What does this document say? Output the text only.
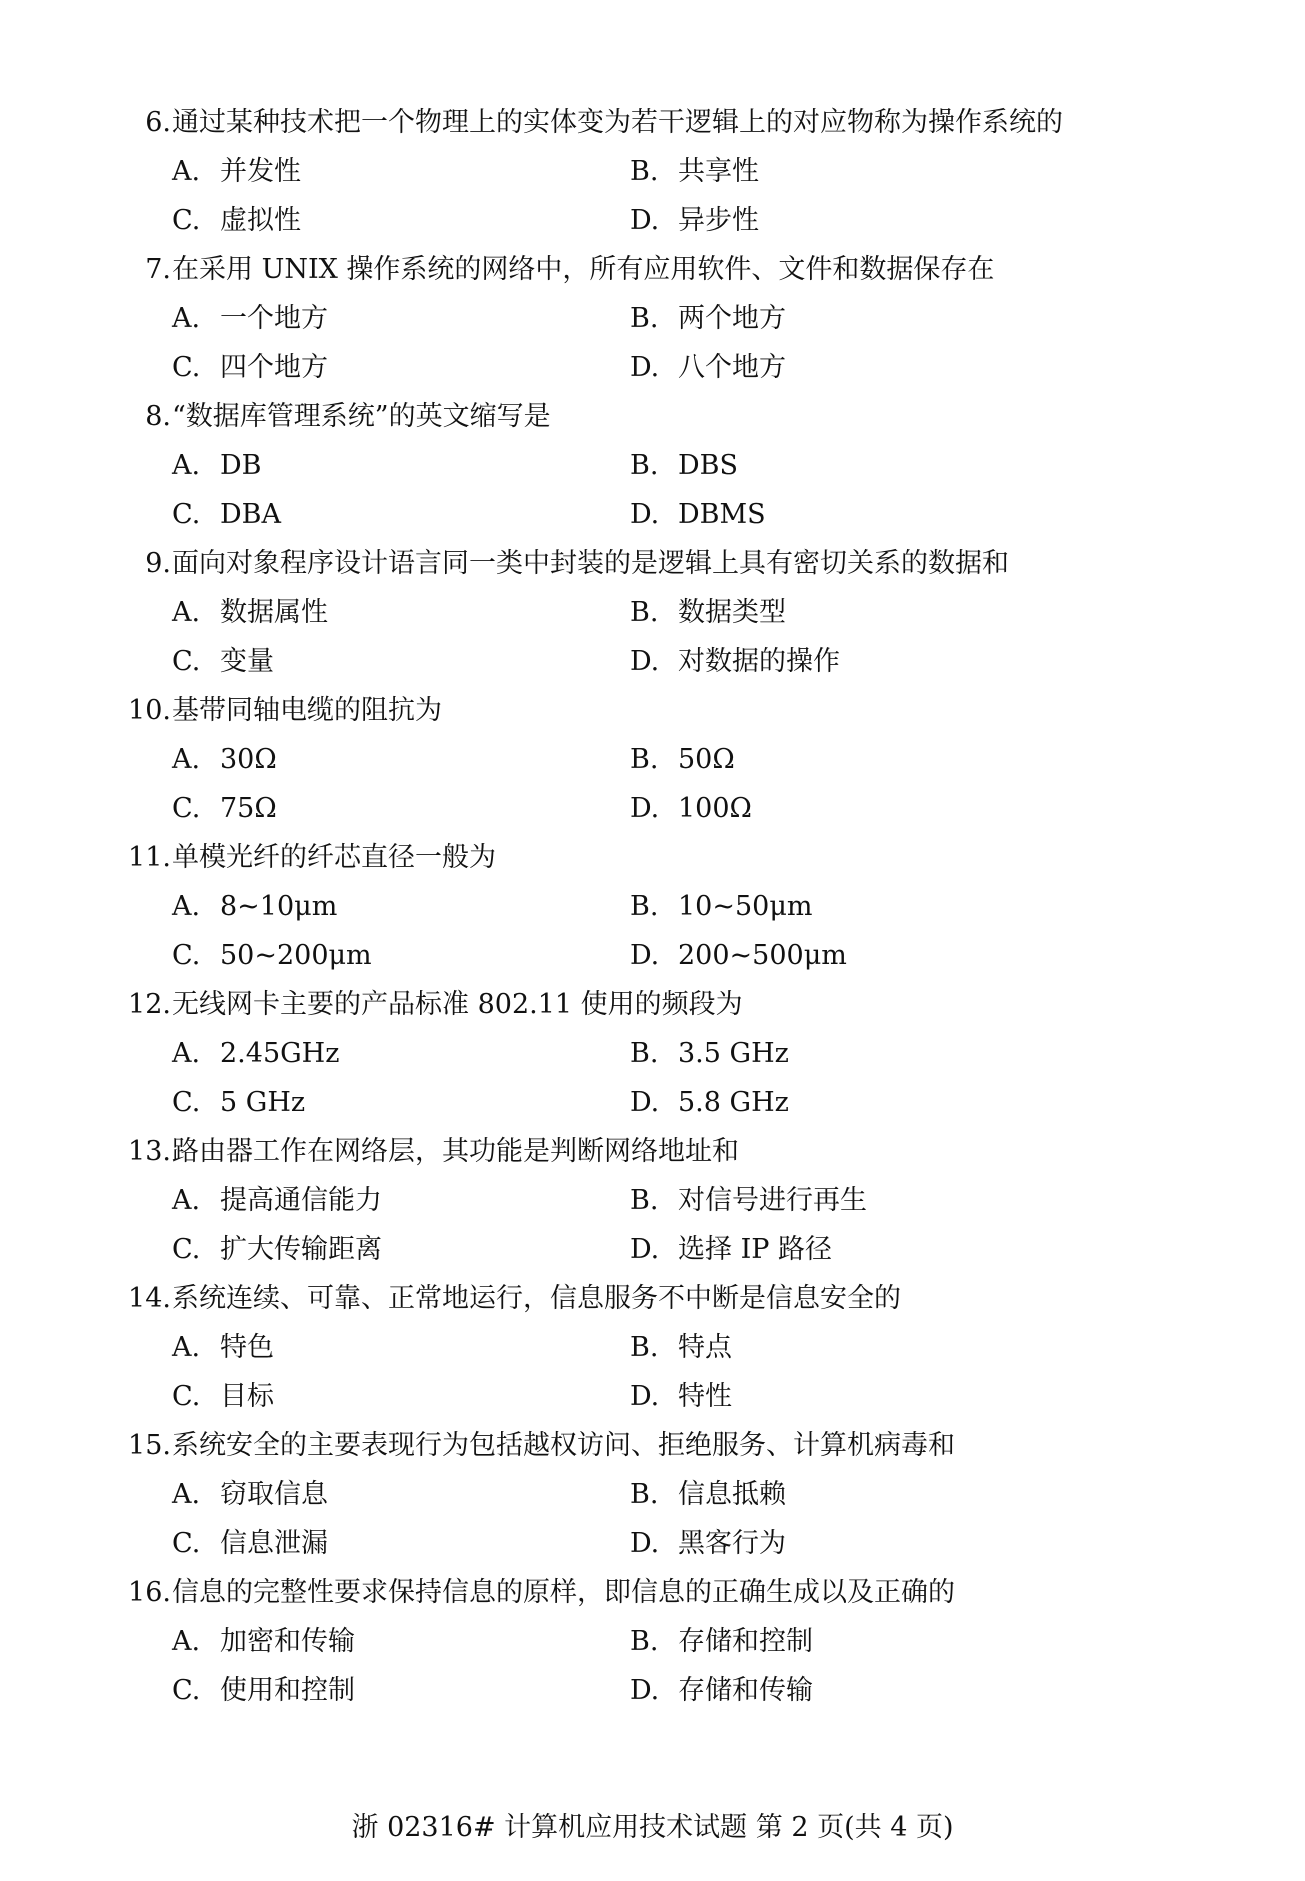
6. 通过某种技术把一个物理上的实体变为若干逻辑上的对应物称为操作系统的
A. 并发性	B. 共享性
C. 虚拟性	D. 异步性
7. 在采用 UNIX 操作系统的网络中，所有应用软件、文件和数据保存在
A. 一个地方	B. 两个地方
C. 四个地方	D. 八个地方
8. “数据库管理系统”的英文缩写是
A. DB	B. DBS
C. DBA	D. DBMS
9. 面向对象程序设计语言同一类中封装的是逻辑上具有密切关系的数据和
A. 数据属性	B. 数据类型
C. 变量	D. 对数据的操作
10. 基带同轴电缆的阻抗为
A. 30Ω	B. 50Ω
C. 75Ω	D. 100Ω
11. 单模光纤的纤芯直径一般为
A. 8~10μm	B. 10~50μm
C. 50~200μm	D. 200~500μm
12. 无线网卡主要的产品标准 802.11 使用的频段为
A. 2.45GHz	B. 3.5 GHz
C. 5 GHz	D. 5.8 GHz
13. 路由器工作在网络层，其功能是判断网络地址和
A. 提高通信能力	B. 对信号进行再生
C. 扩大传输距离	D. 选择 IP 路径
14. 系统连续、可靠、正常地运行，信息服务不中断是信息安全的
A. 特色	B. 特点
C. 目标	D. 特性
15. 系统安全的主要表现行为包括越权访问、拒绝服务、计算机病毒和
A. 窃取信息	B. 信息抵赖
C. 信息泄漏	D. 黑客行为
16. 信息的完整性要求保持信息的原样，即信息的正确生成以及正确的
A. 加密和传输	B. 存储和控制
C. 使用和控制	D. 存储和传输
浙 02316# 计算机应用技术试题 第 2 页(共 4 页)
